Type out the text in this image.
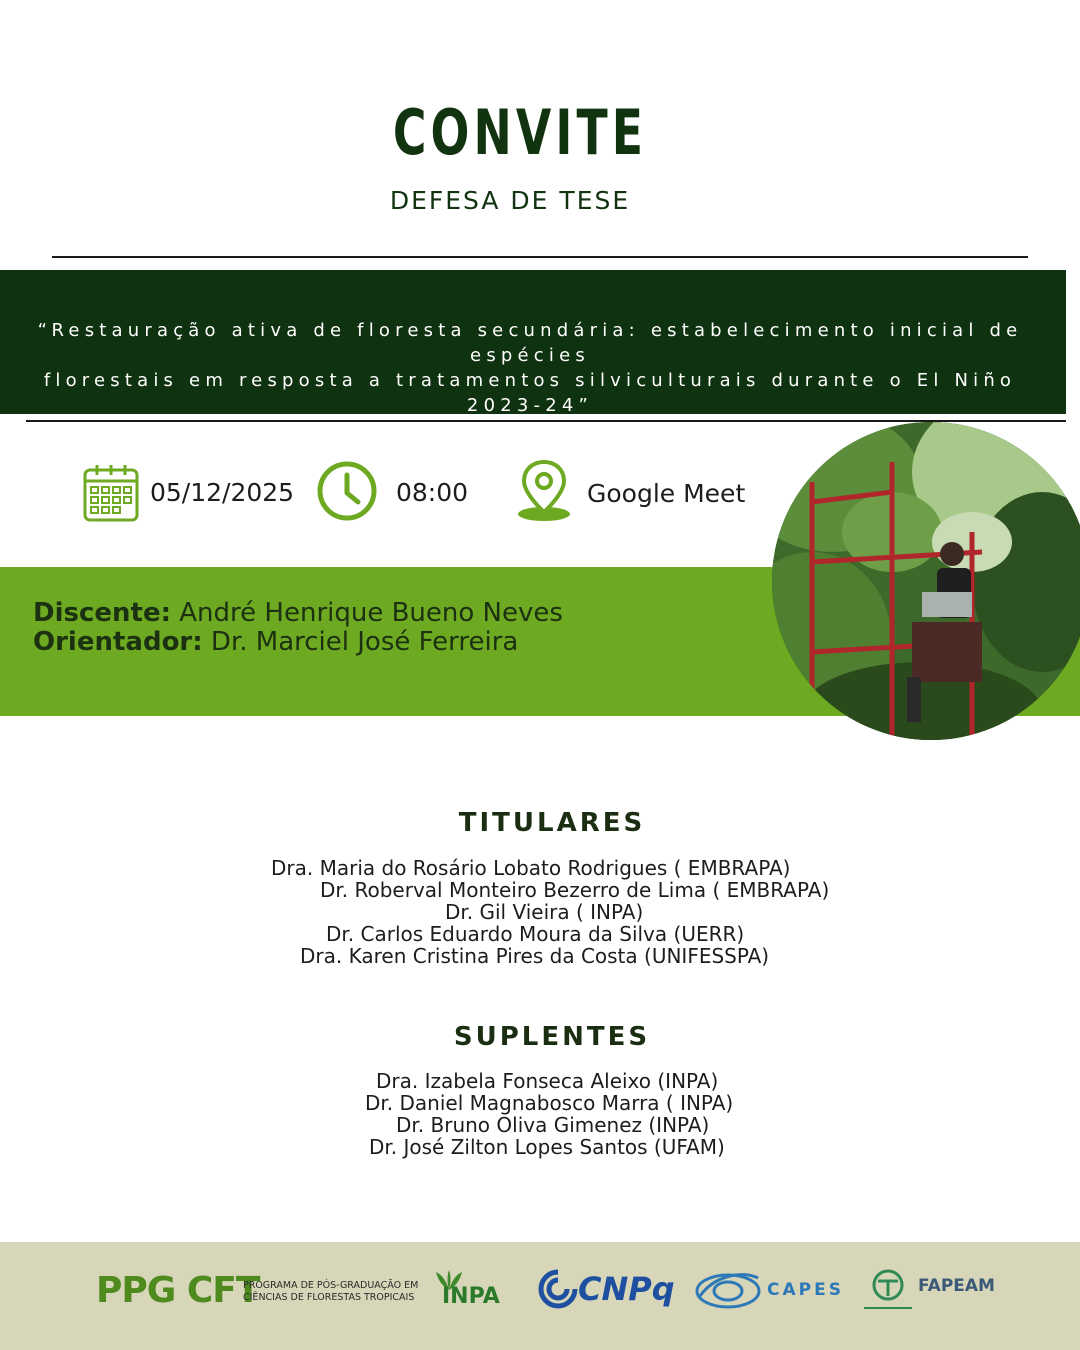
CONVITE
DEFESA DE TESE
“Restauração ativa de floresta secundária: estabelecimento inicial de espécies
florestais em resposta a tratamentos silviculturais durante o El Niño 2023-24”
05/12/2025	08:00	Google Meet
Discente: André Henrique Bueno Neves
Orientador: Dr. Marciel José Ferreira
TITULARES
Dra. Maria do Rosário Lobato Rodrigues ( EMBRAPA)
Dr. Roberval Monteiro Bezerro de Lima ( EMBRAPA)
Dr. Gil Vieira ( INPA)
Dr. Carlos Eduardo Moura da Silva (UERR)
Dra. Karen Cristina Pires da Costa (UNIFESSPA)
SUPLENTES
Dra. Izabela Fonseca Aleixo (INPA)
Dr. Daniel Magnabosco Marra ( INPA)
Dr. Bruno Oliva Gimenez (INPA)
Dr. José Zilton Lopes Santos (UFAM)
PPG CFT
PROGRAMA DE PÓS-GRADUAÇÃO EM
CIÊNCIAS DE FLORESTAS TROPICAIS INPA CNPq	CAPES	FAPEAM
